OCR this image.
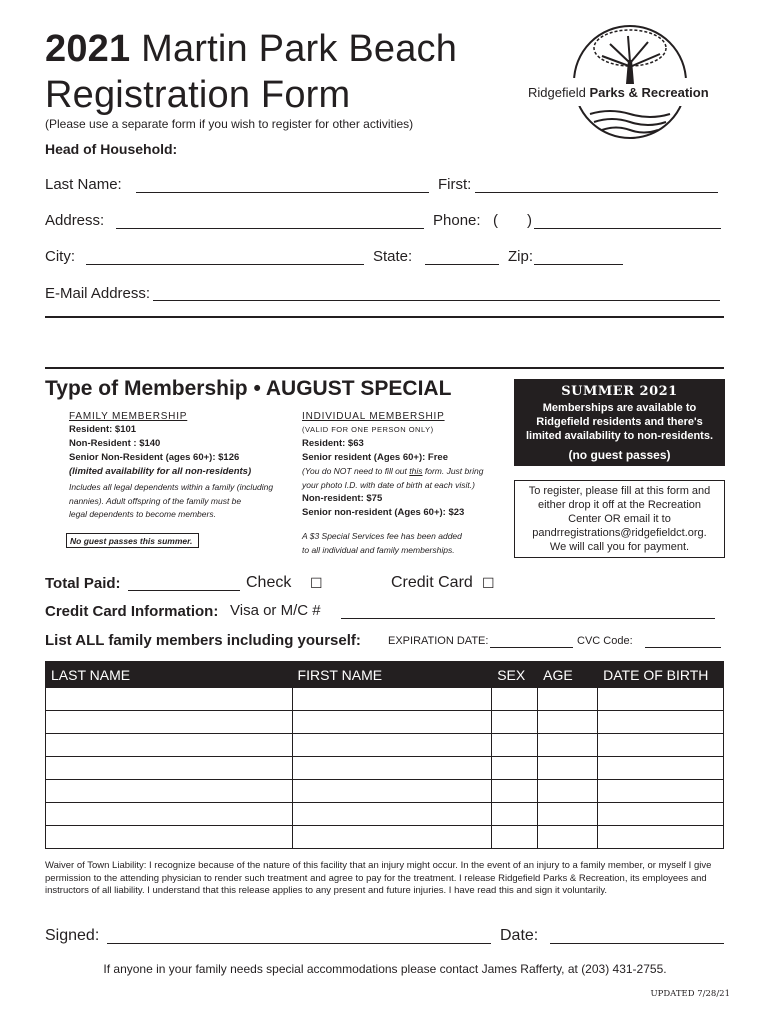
2021 Martin Park Beach
Registration Form
(Please use a separate form if you wish to register for other activities)
Ridgefield Parks & Recreation
Head of Household:
Last Name:	First:
Address:	Phone: ( )
City:	State:	Zip:
E-Mail Address:
Type of Membership • AUGUST SPECIAL
FAMILY MEMBERSHIP
Resident: $101
Non-Resident : $140
Senior Non-Resident (ages 60+): $126
(limited availability for all non-residents)
Includes all legal dependents within a family (including
nannies). Adult offspring of the family must be
legal dependents to become members.
No guest passes this summer.
INDIVIDUAL MEMBERSHIP
(VALID FOR ONE PERSON ONLY)
Resident: $63
Senior resident (Ages 60+): Free
(You do NOT need to fill out this form. Just bring
your photo I.D. with date of birth at each visit.)
Non-resident: $75
Senior non-resident (Ages 60+): $23
A $3 Special Services fee has been added
to all individual and family memberships.
SUMMER 2021
Memberships are available to
Ridgefield residents and there's
limited availability to non-residents.
(no guest passes)
To register, please fill at this form and
either drop it off at the Recreation
Center OR email it to
pandrregistrations@ridgefieldct.org.
We will call you for payment.
Total Paid:	Check ☐	Credit Card ☐
Credit Card Information: Visa or M/C #
List ALL family members including yourself: EXPIRATION DATE:	CVC Code:
LAST NAME	FIRST NAME	SEX	AGE	DATE OF BIRTH

Waiver of Town Liability: I recognize because of the nature of this facility that an injury might occur. In the event of an injury to a family member, or myself I give permission to the attending physician to render such treatment and agree to pay for the treatment. I release Ridgefield Parks & Recreation, its employees and instructors of all liability. I understand that this release applies to any present and future injuries. I have read this and sign it voluntarily.
Signed:	Date:
If anyone in your family needs special accommodations please contact James Rafferty, at (203) 431-2755.
UPDATED 7/28/21
